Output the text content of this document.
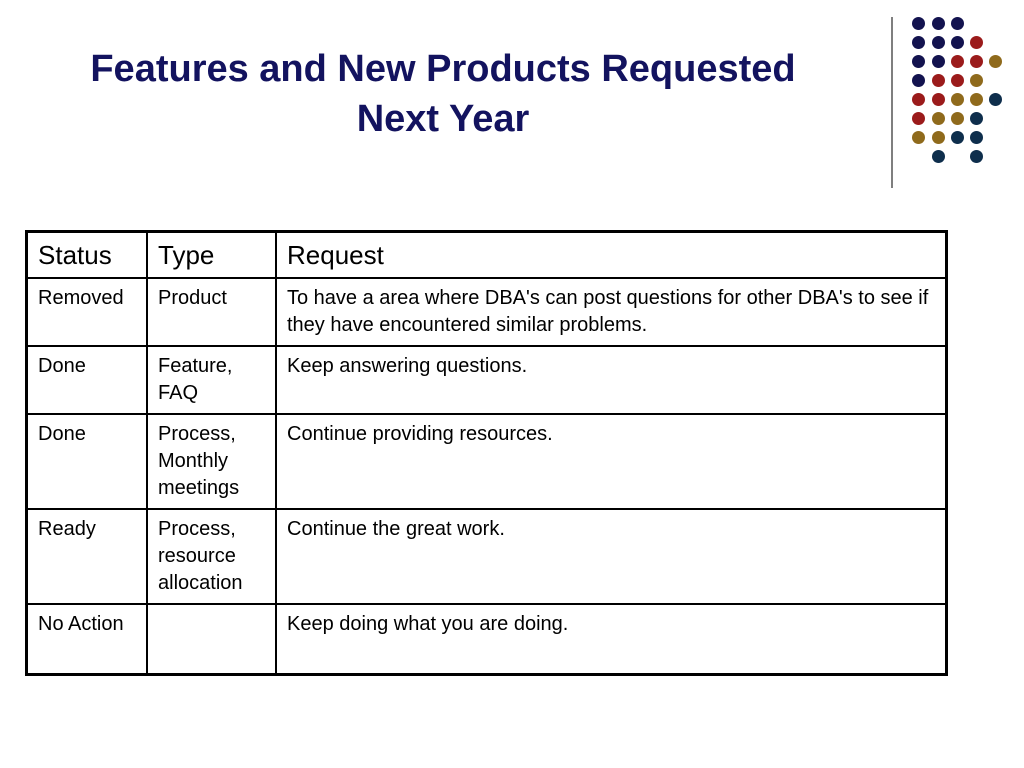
Features and New Products Requested
Next Year
Status	Type	Request
Removed	Product	To have a area where DBA's can post questions for other DBA's to see if they have encountered similar problems.
Done	Feature, FAQ	Keep answering questions.
Done	Process, Monthly meetings	Continue providing resources.
Ready	Process, resource allocation	Continue the great work.
No Action		Keep doing what you are doing.
